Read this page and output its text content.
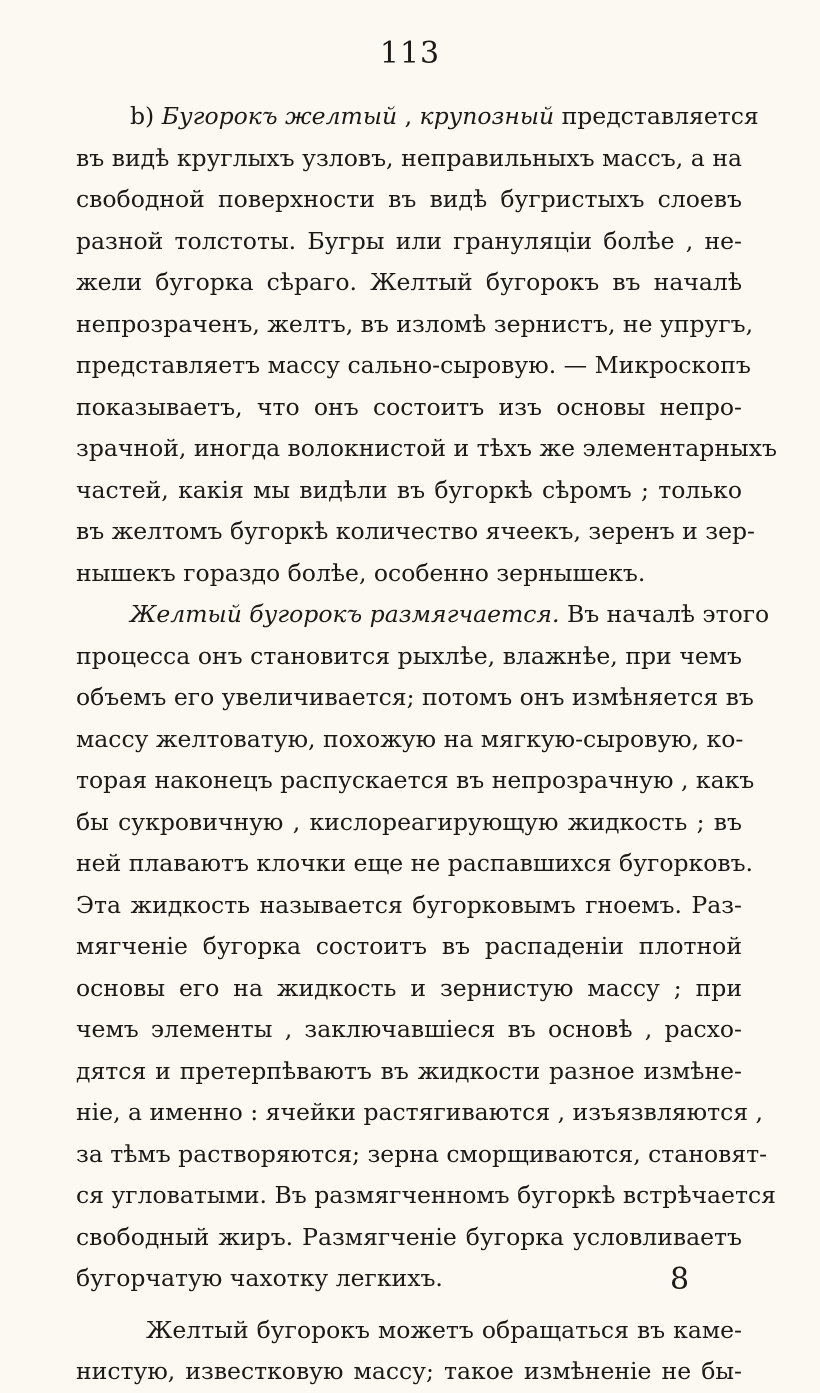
113
b) Бугорокъ желтый , крупозный представляется
въ видѣ круглыхъ узловъ, неправильныхъ массъ, а на
свободной поверхности въ видѣ бугристыхъ слоевъ
разной толстоты. Бугры или грануляціи болѣе , не-
жели бугорка сѣраго. Желтый бугорокъ въ началѣ
непрозраченъ, желтъ, въ изломѣ зернистъ, не упругъ,
представляетъ массу сально-сыровую. — Микроскопъ
показываетъ, что онъ состоитъ изъ основы непро-
зрачной, иногда волокнистой и тѣхъ же элементарныхъ
частей, какія мы видѣли въ бугоркѣ сѣромъ ; только
въ желтомъ бугоркѣ количество ячеекъ, зеренъ и зер-
нышекъ гораздо болѣе, особенно зернышекъ.
Желтый бугорокъ размягчается. Въ началѣ этого
процесса онъ становится рыхлѣе, влажнѣе, при чемъ
объемъ его увеличивается; потомъ онъ измѣняется въ
массу желтоватую, похожую на мягкую-сыровую, ко-
торая наконецъ распускается въ непрозрачную , какъ
бы сукровичную , кислореагирующую жидкость ; въ
ней плаваютъ клочки еще не распавшихся бугорковъ.
Эта жидкость называется бугорковымъ гноемъ. Раз-
мягченіе бугорка состоитъ въ распаденіи плотной
основы его на жидкость и зернистую массу ; при
чемъ элементы , заключавшіеся въ основѣ , расхо-
дятся и претерпѣваютъ въ жидкости разное измѣне-
ніе, а именно : ячейки растягиваются , изъязвляются ,
за тѣмъ растворяются; зерна сморщиваются, становят-
ся угловатыми. Въ размягченномъ бугоркѣ встрѣчается
свободный жиръ. Размягченіе бугорка условливаетъ
бугорчатую чахотку легкихъ.
Желтый бугорокъ можетъ обращаться въ камe-
нистую, известковую массу; такое измѣненіе не бы-
8
